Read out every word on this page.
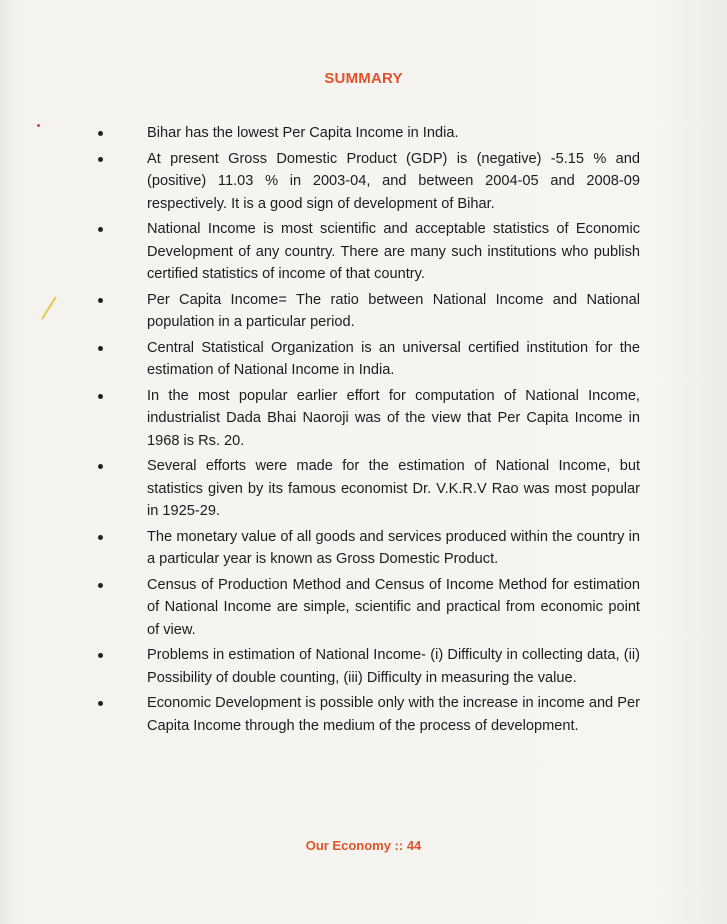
SUMMARY
Bihar has the lowest Per Capita Income in India.
At present Gross Domestic Product (GDP) is (negative) -5.15 % and (positive) 11.03 % in 2003-04, and between 2004-05 and 2008-09 respectively. It is a good sign of development of Bihar.
National Income is most scientific and acceptable statistics of Economic Development of any country. There are many such institutions who publish certified statistics of income of that country.
Per Capita Income= The ratio between National Income and National population in a particular period.
Central Statistical Organization is an universal certified institution for the estimation of National Income in India.
In the most popular earlier effort for computation of National Income, industrialist Dada Bhai Naoroji was of the view that Per Capita Income in 1968 is Rs. 20.
Several efforts were made for the estimation of National Income, but statistics given by its famous economist Dr. V.K.R.V Rao was most popular in 1925-29.
The monetary value of all goods and services produced within the country in a particular year is known as Gross Domestic Product.
Census of Production Method and Census of Income Method for estimation of National Income are simple, scientific and practical from economic point of view.
Problems in estimation of National Income- (i) Difficulty in collecting data, (ii) Possibility of double counting, (iii) Difficulty in measuring the value.
Economic Development is possible only with the increase in income and Per Capita Income through the medium of the process of development.
Our Economy :: 44
